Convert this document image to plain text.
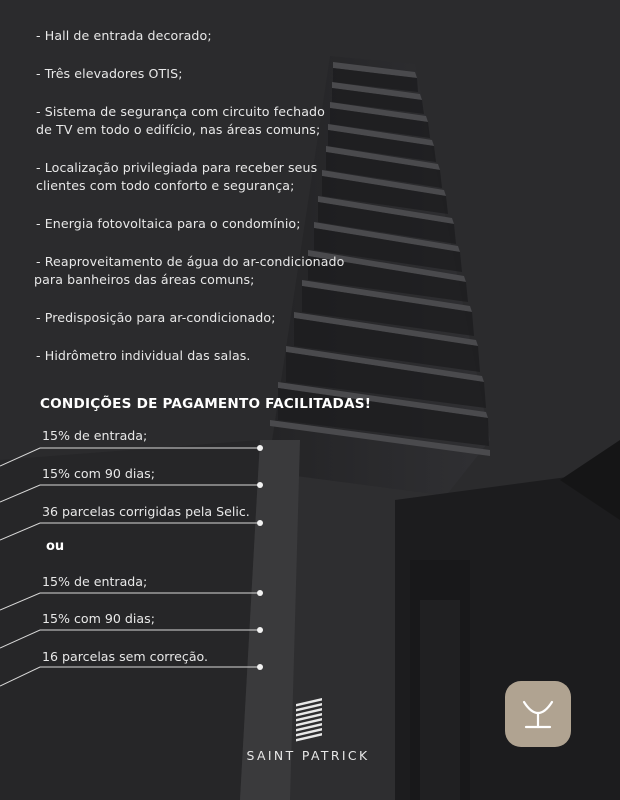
- Hall de entrada decorado;
- Três elevadores OTIS;
- Sistema de segurança com circuito fechado
de TV em todo o edifício, nas áreas comuns;
- Localização privilegiada para receber seus
clientes com todo conforto e segurança;
- Energia fotovoltaica para o condomínio;
- Reaproveitamento de água do ar-condicionado
para banheiros das áreas comuns;
- Predisposição para ar-condicionado;
- Hidrômetro individual das salas.
CONDIÇÕES DE PAGAMENTO FACILITADAS!
15% de entrada;
15% com 90 dias;
36 parcelas corrigidas pela Selic.
ou
15% de entrada;
15% com 90 dias;
16 parcelas sem correção.
SAINT PATRICK
